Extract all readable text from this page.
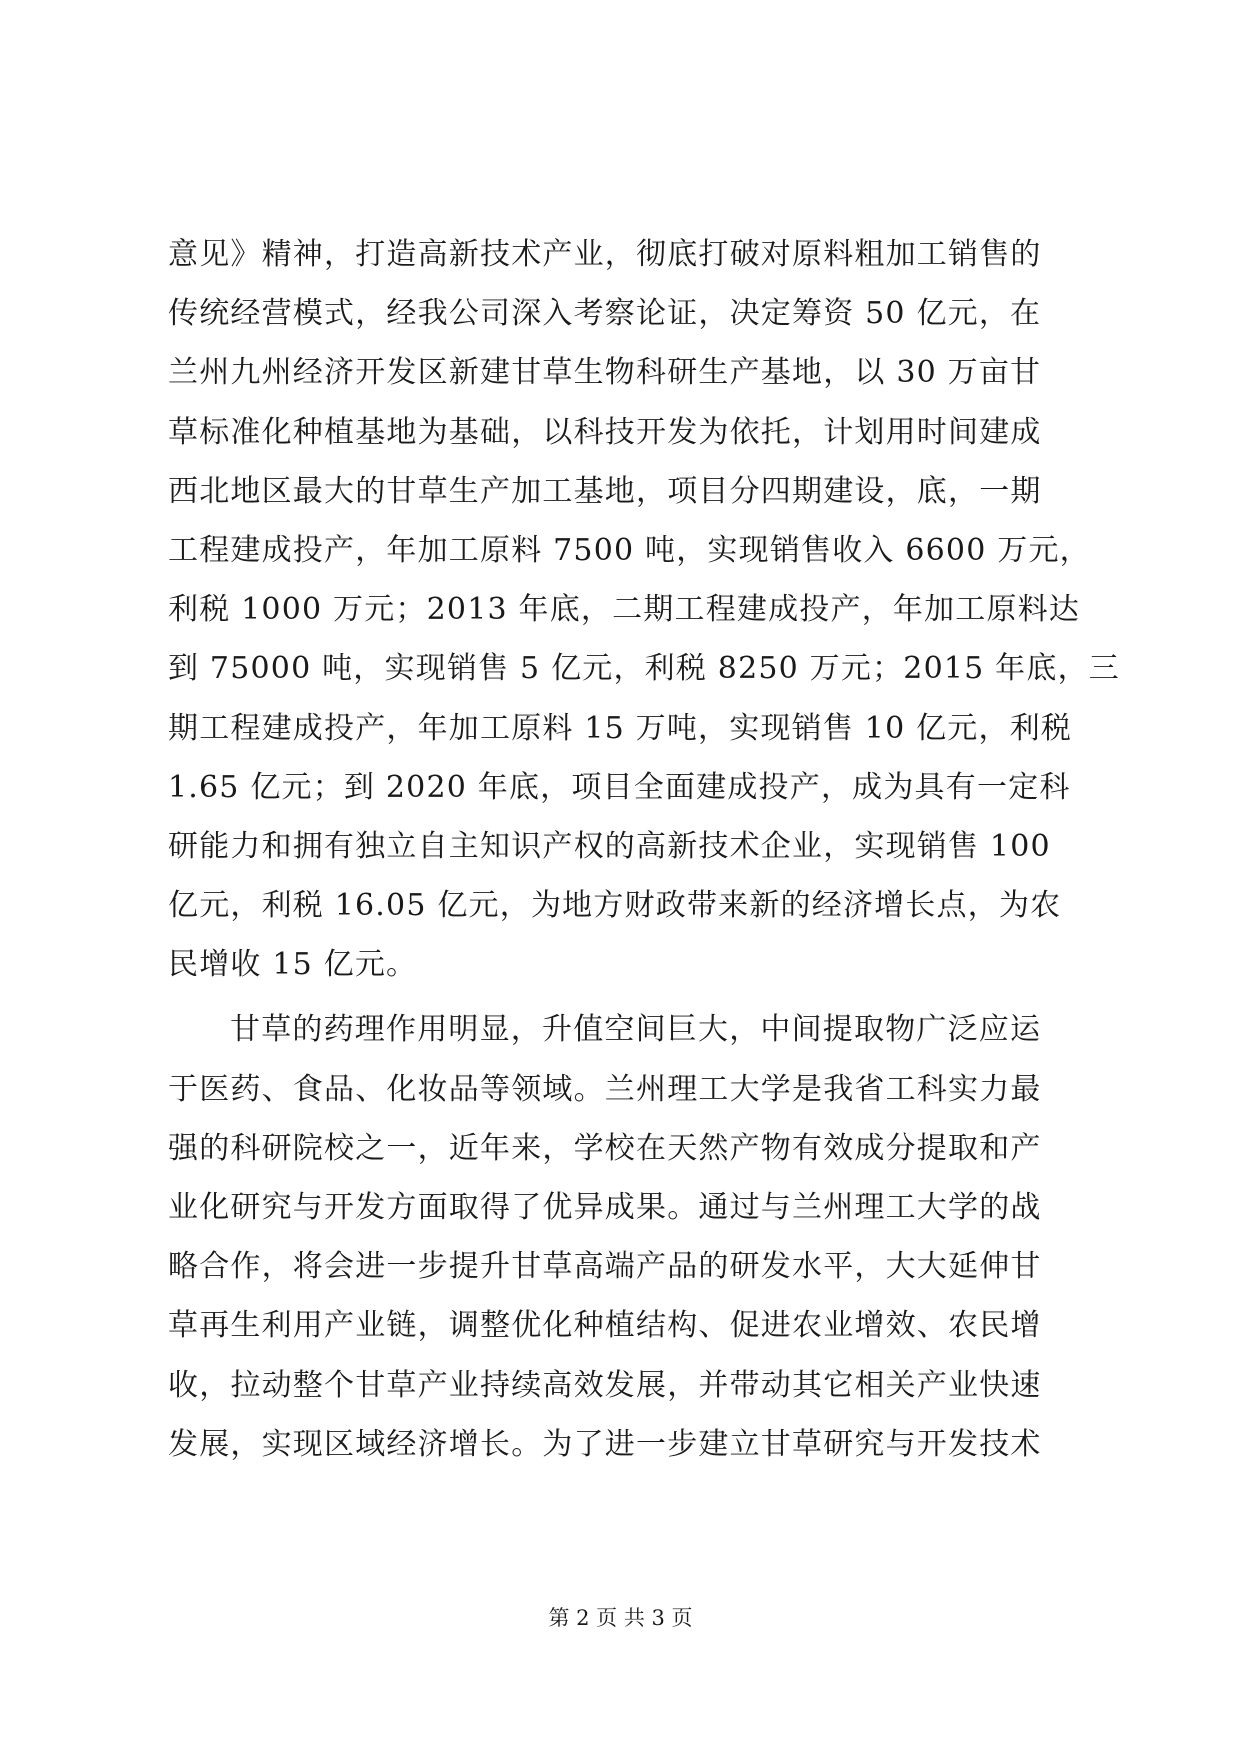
意见》精神，打造高新技术产业，彻底打破对原料粗加工销售的
传统经营模式，经我公司深入考察论证，决定筹资 50 亿元，在
兰州九州经济开发区新建甘草生物科研生产基地，以 30 万亩甘
草标准化种植基地为基础，以科技开发为依托，计划用时间建成
西北地区最大的甘草生产加工基地，项目分四期建设，底，一期
工程建成投产，年加工原料 7500 吨，实现销售收入 6600 万元，
利税 1000 万元；2013 年底，二期工程建成投产，年加工原料达
到 75000 吨，实现销售 5 亿元，利税 8250 万元；2015 年底，三
期工程建成投产，年加工原料 15 万吨，实现销售 10 亿元，利税
1.65 亿元；到 2020 年底，项目全面建成投产，成为具有一定科
研能力和拥有独立自主知识产权的高新技术企业，实现销售 100
亿元，利税 16.05 亿元，为地方财政带来新的经济增长点，为农
民增收 15 亿元。
甘草的药理作用明显，升值空间巨大，中间提取物广泛应运
于医药、食品、化妆品等领域。兰州理工大学是我省工科实力最
强的科研院校之一，近年来，学校在天然产物有效成分提取和产
业化研究与开发方面取得了优异成果。通过与兰州理工大学的战
略合作，将会进一步提升甘草高端产品的研发水平，大大延伸甘
草再生利用产业链，调整优化种植结构、促进农业增效、农民增
收，拉动整个甘草产业持续高效发展，并带动其它相关产业快速
发展，实现区域经济增长。为了进一步建立甘草研究与开发技术
第 2 页 共 3 页
